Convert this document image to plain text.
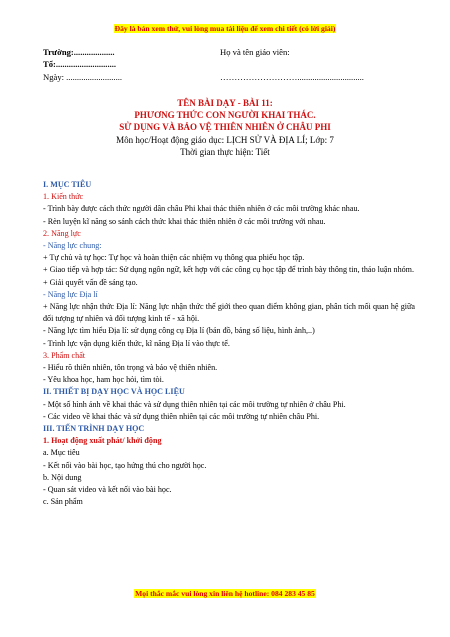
Đây là bản xem thử, vui lòng mua tài liệu để xem chi tiết (có lời giải)
Trường:...................	Họ và tên giáo viên:
Tổ:............................
Ngày: ..........................	………………………...............................
TÊN BÀI DẠY - BÀI 11:
PHƯƠNG THỨC CON NGƯỜI KHAI THÁC.
SỬ DỤNG VÀ BẢO VỆ THIÊN NHIÊN Ở CHÂU PHI
Môn học/Hoạt động giáo dục: LỊCH SỬ VÀ ĐỊA LÍ; Lớp: 7
Thời gian thực hiện: Tiết

I. MỤC TIÊU

1. Kiến thức

- Trình bày được cách thức người dân châu Phi khai thác thiên nhiên ở các môi trường khác nhau.

- Rèn luyện kĩ năng so sánh cách thức khai thác thiên nhiên ở các môi trường với nhau.

2. Năng lực

- Năng lực chung:

+ Tự chủ và tự học: Tự học và hoàn thiện các nhiệm vụ thông qua phiếu học tập.

+ Giao tiếp và hợp tác: Sử dụng ngôn ngữ, kết hợp với các công cụ học tập để trình bày thông tin, thảo luận nhóm.

+ Giải quyết vấn đề sáng tạo.

- Năng lực Địa lí

+ Năng lực nhận thức Địa lí: Năng lực nhận thức thế giới theo quan điểm không gian, phân tích mối quan hệ giữa đối tượng tự nhiên và đối tượng kinh tế - xã hội.

- Năng lực tìm hiểu Địa lí: sử dụng công cụ Địa lí (bản đồ, bảng số liệu, hình ảnh,..)

- Trình lực vận dụng kiến thức, kĩ năng Địa lí vào thực tế.

3. Phẩm chất

- Hiểu rõ thiên nhiên, tôn trọng và bảo vệ thiên nhiên.

- Yêu khoa học, ham học hỏi, tìm tòi.

II. THIẾT BỊ DẠY HỌC VÀ HỌC LIỆU

- Một số hình ảnh về khai thác và sử dụng thiên nhiên tại các môi trường tự nhiên ở châu Phi.

- Các video về khai thác và sử dụng thiên nhiên tại các môi trường tự nhiên châu Phi.

III. TIẾN TRÌNH DẠY HỌC

1. Hoạt động xuất phát/ khởi động

a. Mục tiêu

- Kết nối vào bài học, tạo hứng thú cho người học.

b. Nội dung

- Quan sát video và kết nối vào bài học.

c. Sản phẩm

Mọi thắc mắc vui lòng xin liên hệ hotline: 084 283 45 85
